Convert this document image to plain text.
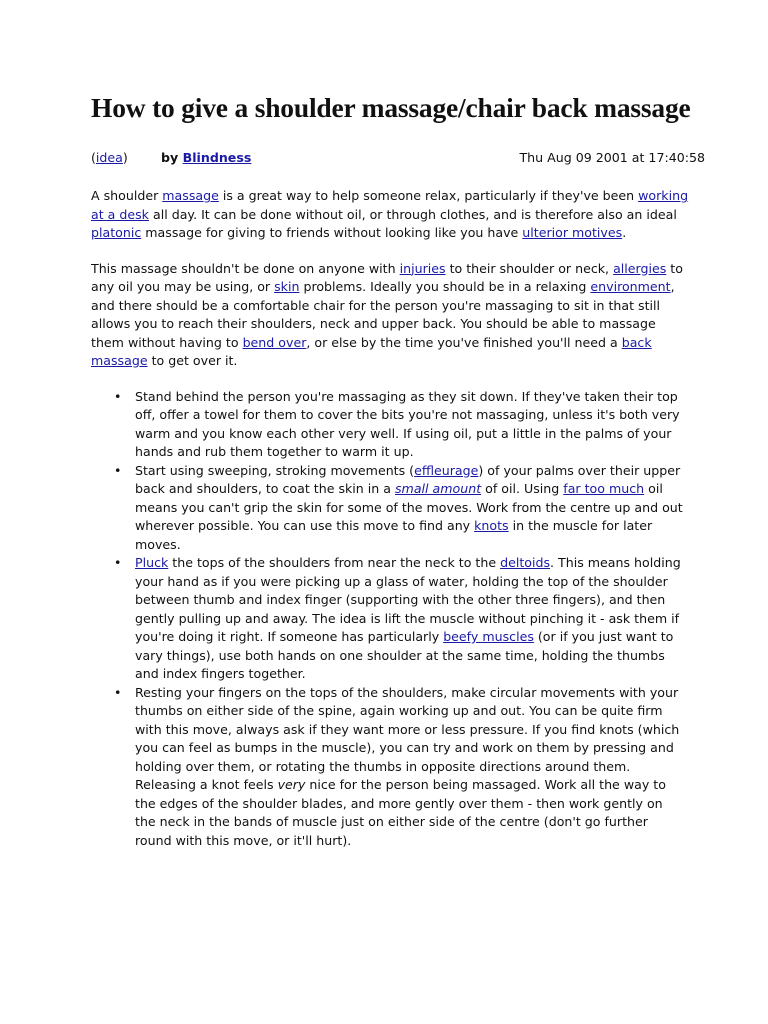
How to give a shoulder massage/chair back massage
(idea)	by Blindness	Thu Aug 09 2001 at 17:40:58

A shoulder massage is a great way to help someone relax, particularly if they've been working at a desk all day. It can be done without oil, or through clothes, and is therefore also an ideal platonic massage for giving to friends without looking like you have ulterior motives.

This massage shouldn't be done on anyone with injuries to their shoulder or neck, allergies to any oil you may be using, or skin problems. Ideally you should be in a relaxing environment, and there should be a comfortable chair for the person you're massaging to sit in that still allows you to reach their shoulders, neck and upper back. You should be able to massage them without having to bend over, or else by the time you've finished you'll need a back massage to get over it.

• Stand behind the person you're massaging as they sit down. If they've taken their top off, offer a towel for them to cover the bits you're not massaging, unless it's both very warm and you know each other very well. If using oil, put a little in the palms of your hands and rub them together to warm it up.
• Start using sweeping, stroking movements (effleurage) of your palms over their upper back and shoulders, to coat the skin in a small amount of oil. Using far too much oil means you can't grip the skin for some of the moves. Work from the centre up and out wherever possible. You can use this move to find any knots in the muscle for later moves.
• Pluck the tops of the shoulders from near the neck to the deltoids. This means holding your hand as if you were picking up a glass of water, holding the top of the shoulder between thumb and index finger (supporting with the other three fingers), and then gently pulling up and away. The idea is lift the muscle without pinching it - ask them if you're doing it right. If someone has particularly beefy muscles (or if you just want to vary things), use both hands on one shoulder at the same time, holding the thumbs and index fingers together.
• Resting your fingers on the tops of the shoulders, make circular movements with your thumbs on either side of the spine, again working up and out. You can be quite firm with this move, always ask if they want more or less pressure. If you find knots (which you can feel as bumps in the muscle), you can try and work on them by pressing and holding over them, or rotating the thumbs in opposite directions around them. Releasing a knot feels very nice for the person being massaged. Work all the way to the edges of the shoulder blades, and more gently over them - then work gently on the neck in the bands of muscle just on either side of the centre (don't go further round with this move, or it'll hurt).
